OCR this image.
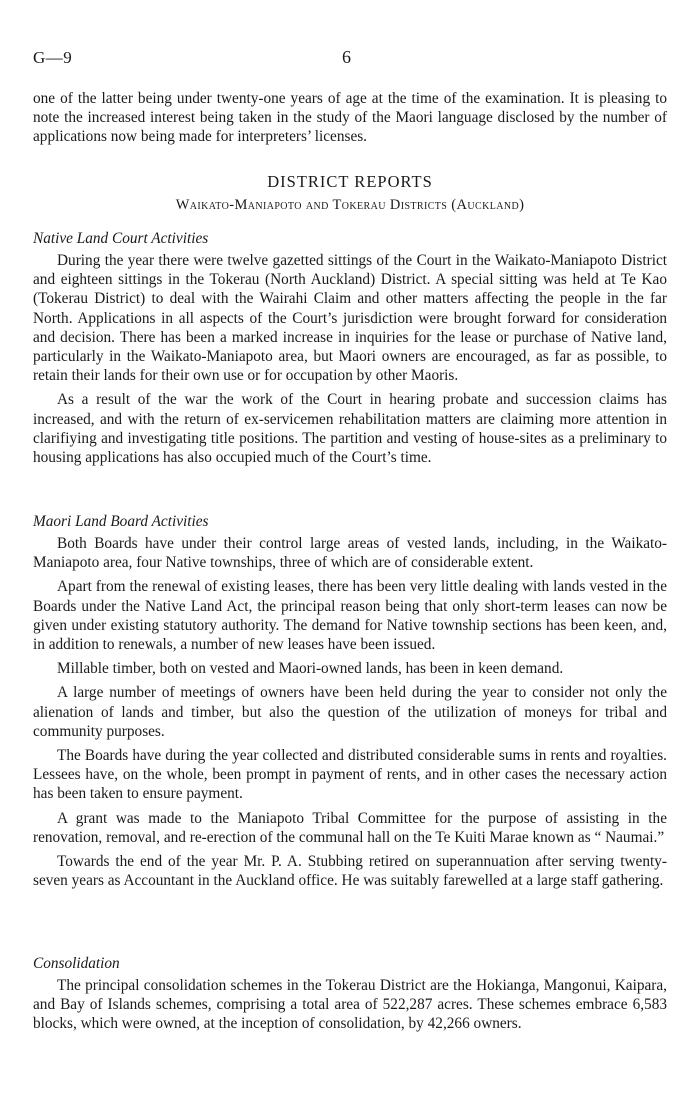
G—9	6

one of the latter being under twenty-one years of age at the time of the examination. It is pleasing to note the increased interest being taken in the study of the Maori language disclosed by the number of applications now being made for interpreters’ licenses.

DISTRICT REPORTS
Waikato-Maniapoto and Tokerau Districts (Auckland)
Native Land Court Activities

During the year there were twelve gazetted sittings of the Court in the Waikato-Maniapoto District and eighteen sittings in the Tokerau (North Auckland) District. A special sitting was held at Te Kao (Tokerau District) to deal with the Wairahi Claim and other matters affecting the people in the far North. Applications in all aspects of the Court’s jurisdiction were brought forward for consideration and decision. There has been a marked increase in inquiries for the lease or purchase of Native land, particularly in the Waikato-Maniapoto area, but Maori owners are encouraged, as far as possible, to retain their lands for their own use or for occupation by other Maoris.

As a result of the war the work of the Court in hearing probate and succession claims has increased, and with the return of ex-servicemen rehabilitation matters are claiming more attention in clarifiying and investigating title positions. The partition and vesting of house-sites as a preliminary to housing applications has also occupied much of the Court’s time.

Maori Land Board Activities

Both Boards have under their control large areas of vested lands, including, in the Waikato-Maniapoto area, four Native townships, three of which are of considerable extent.

Apart from the renewal of existing leases, there has been very little dealing with lands vested in the Boards under the Native Land Act, the principal reason being that only short-term leases can now be given under existing statutory authority. The demand for Native township sections has been keen, and, in addition to renewals, a number of new leases have been issued.

Millable timber, both on vested and Maori-owned lands, has been in keen demand.

A large number of meetings of owners have been held during the year to consider not only the alienation of lands and timber, but also the question of the utilization of moneys for tribal and community purposes.

The Boards have during the year collected and distributed considerable sums in rents and royalties. Lessees have, on the whole, been prompt in payment of rents, and in other cases the necessary action has been taken to ensure payment.

A grant was made to the Maniapoto Tribal Committee for the purpose of assisting in the renovation, removal, and re-erection of the communal hall on the Te Kuiti Marae known as “ Naumai.”

Towards the end of the year Mr. P. A. Stubbing retired on superannuation after serving twenty-seven years as Accountant in the Auckland office. He was suitably farewelled at a large staff gathering.

Consolidation

The principal consolidation schemes in the Tokerau District are the Hokianga, Mangonui, Kaipara, and Bay of Islands schemes, comprising a total area of 522,287 acres. These schemes embrace 6,583 blocks, which were owned, at the inception of consolidation, by 42,266 owners.
